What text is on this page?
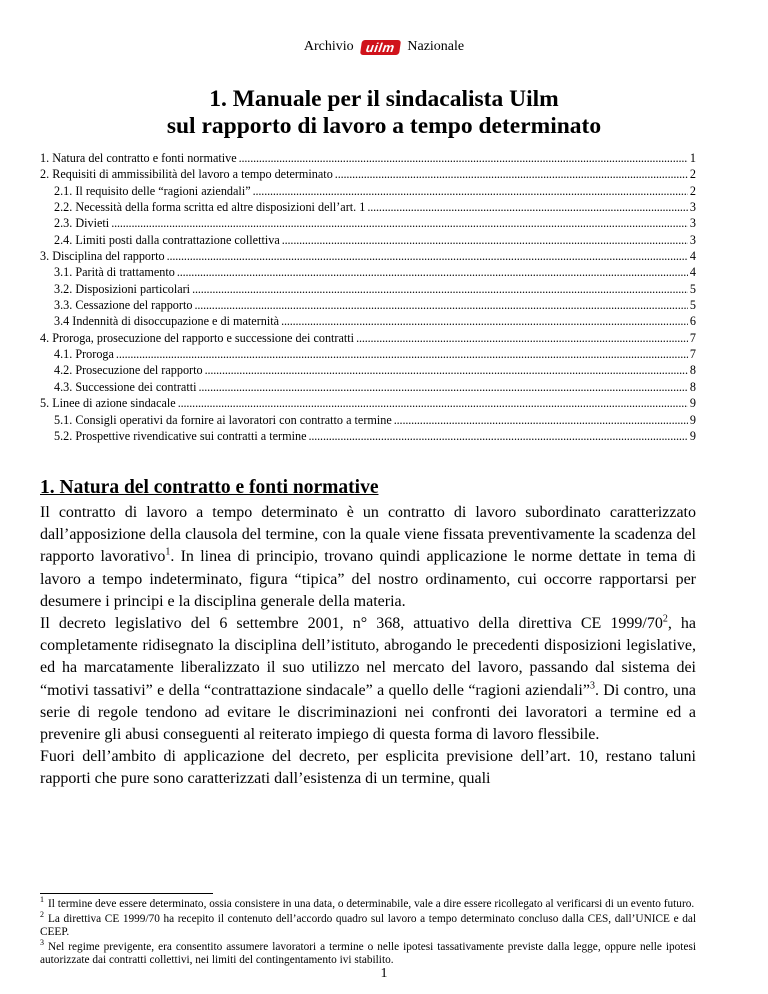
Archivio uilm Nazionale
1. Manuale per il sindacalista Uilm
sul rapporto di lavoro a tempo determinato
1. Natura del contratto e fonti normative . . .	1
2. Requisiti di ammissibilità del lavoro a tempo determinato . . .	2
2.1. Il requisito delle “ragioni aziendali” . . .	2
2.2. Necessità della forma scritta ed altre disposizioni dell’art. 1 . . .	3
2.3. Divieti . . .	3
2.4. Limiti posti dalla contrattazione collettiva . . .	3
3. Disciplina del rapporto . . .	4
3.1. Parità di trattamento . . .	4
3.2. Disposizioni particolari . . .	5
3.3. Cessazione del rapporto . . .	5
3.4 Indennità di disoccupazione e di maternità . . .	6
4. Proroga, prosecuzione del rapporto e successione dei contratti . . .	7
4.1. Proroga . . .	7
4.2. Prosecuzione del rapporto . . .	8
4.3. Successione dei contratti . . .	8
5. Linee di azione sindacale . . .	9
5.1. Consigli operativi da fornire ai lavoratori con contratto a termine . . .	9
5.2. Prospettive rivendicative sui contratti a termine . . .	9
1. Natura del contratto e fonti normative

Il contratto di lavoro a tempo determinato è un contratto di lavoro subordinato caratterizzato dall’apposizione della clausola del termine, con la quale viene fissata preventivamente la scadenza del rapporto lavorativo$^1$. In linea di principio, trovano quindi applicazione le norme dettate in tema di lavoro a tempo indeterminato, figura “tipica” del nostro ordinamento, cui occorre rapportarsi per desumere i principi e la disciplina generale della materia.

Il decreto legislativo del 6 settembre 2001, n° 368, attuativo della direttiva CE $1999/70^2$, ha completamente ridisegnato la disciplina dell’istituto, abrogando le precedenti disposizioni legislative, ed ha marcatamente liberalizzato il suo utilizzo nel mercato del lavoro, passando dal sistema dei “motivi tassativi” e della “contrattazione sindacale” a quello delle “ragioni aziendali”$^3$. Di contro, una serie di regole tendono ad evitare le discriminazioni nei confronti dei lavoratori a termine ed a prevenire gli abusi conseguenti al reiterato impiego di questa forma di lavoro flessibile.

Fuori dell’ambito di applicazione del decreto, per esplicita previsione dell’art. 10, restano taluni rapporti che pure sono caratterizzati dall’esistenza di un termine, quali

$^1$ Il termine deve essere determinato, ossia consistere in una data, o determinabile, vale a dire essere ricollegato al verificarsi di un evento futuro.

$^2$ La direttiva CE 1999/70 ha recepito il contenuto dell’accordo quadro sul lavoro a tempo determinato concluso dalla CES, dall’UNICE e dal CEEP.

$^3$ Nel regime previgente, era consentito assumere lavoratori a termine o nelle ipotesi tassativamente previste dalla legge, oppure nelle ipotesi autorizzate dai contratti collettivi, nei limiti del contingentamento ivi stabilito.

1
